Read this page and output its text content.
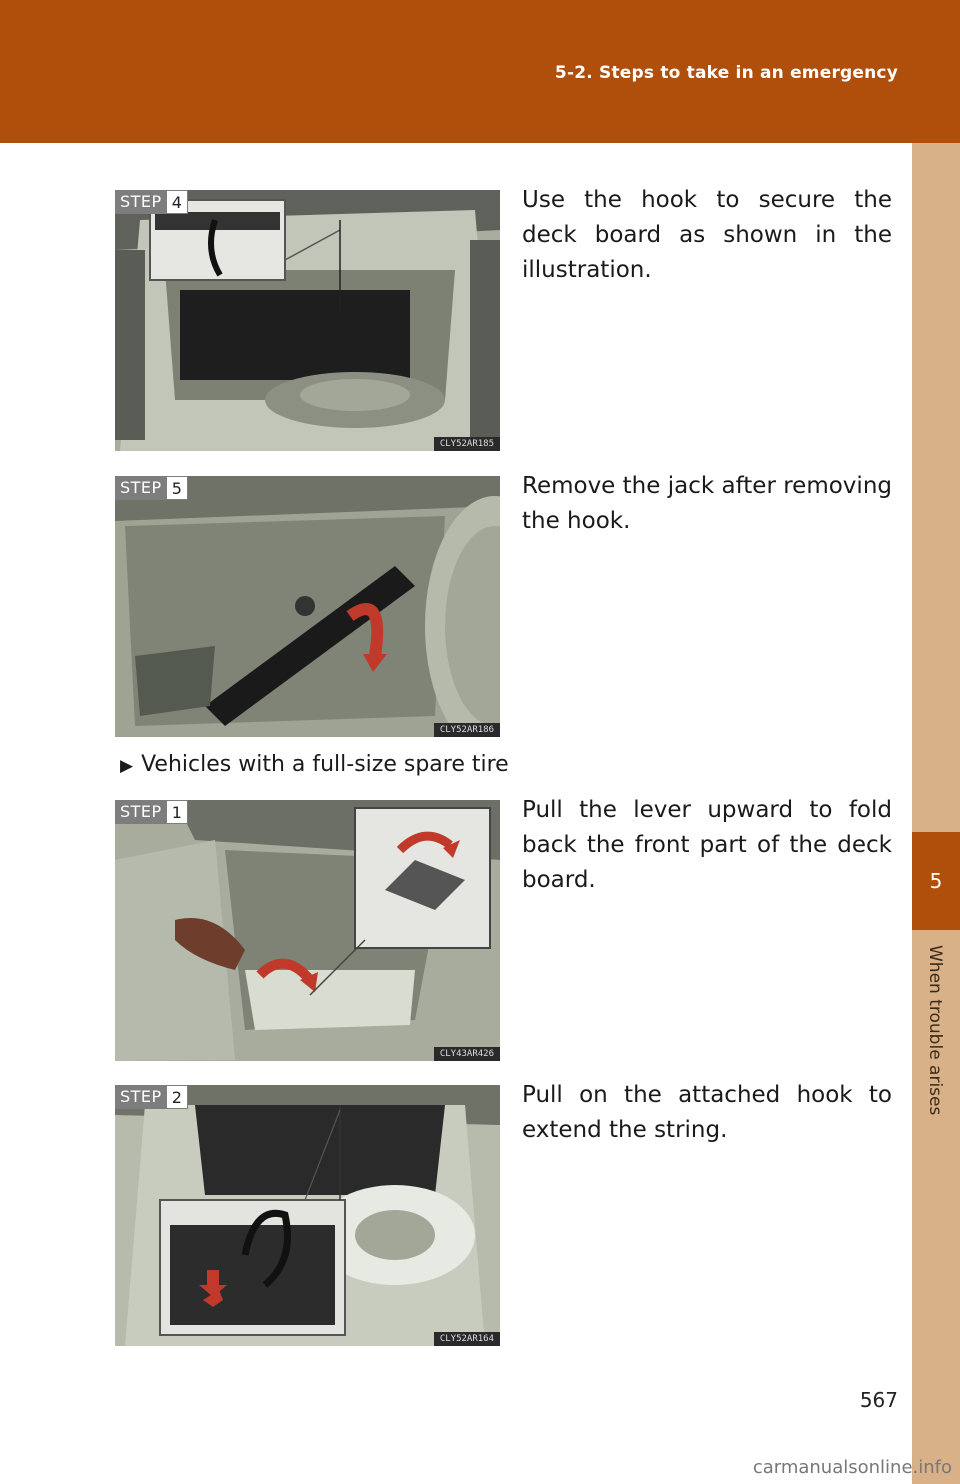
5-2. Steps to take in an emergency
5
When trouble arises
STEP 4
CLY52AR185
Use the hook to secure the deck board as shown in the illustration.
STEP 5
CLY52AR186
Remove the jack after removing the hook.
▶ Vehicles with a full-size spare tire
STEP 1
CLY43AR426
Pull the lever upward to fold back the front part of the deck board.
STEP 2
CLY52AR164
Pull on the attached hook to extend the string.
567
carmanualsonline.info
